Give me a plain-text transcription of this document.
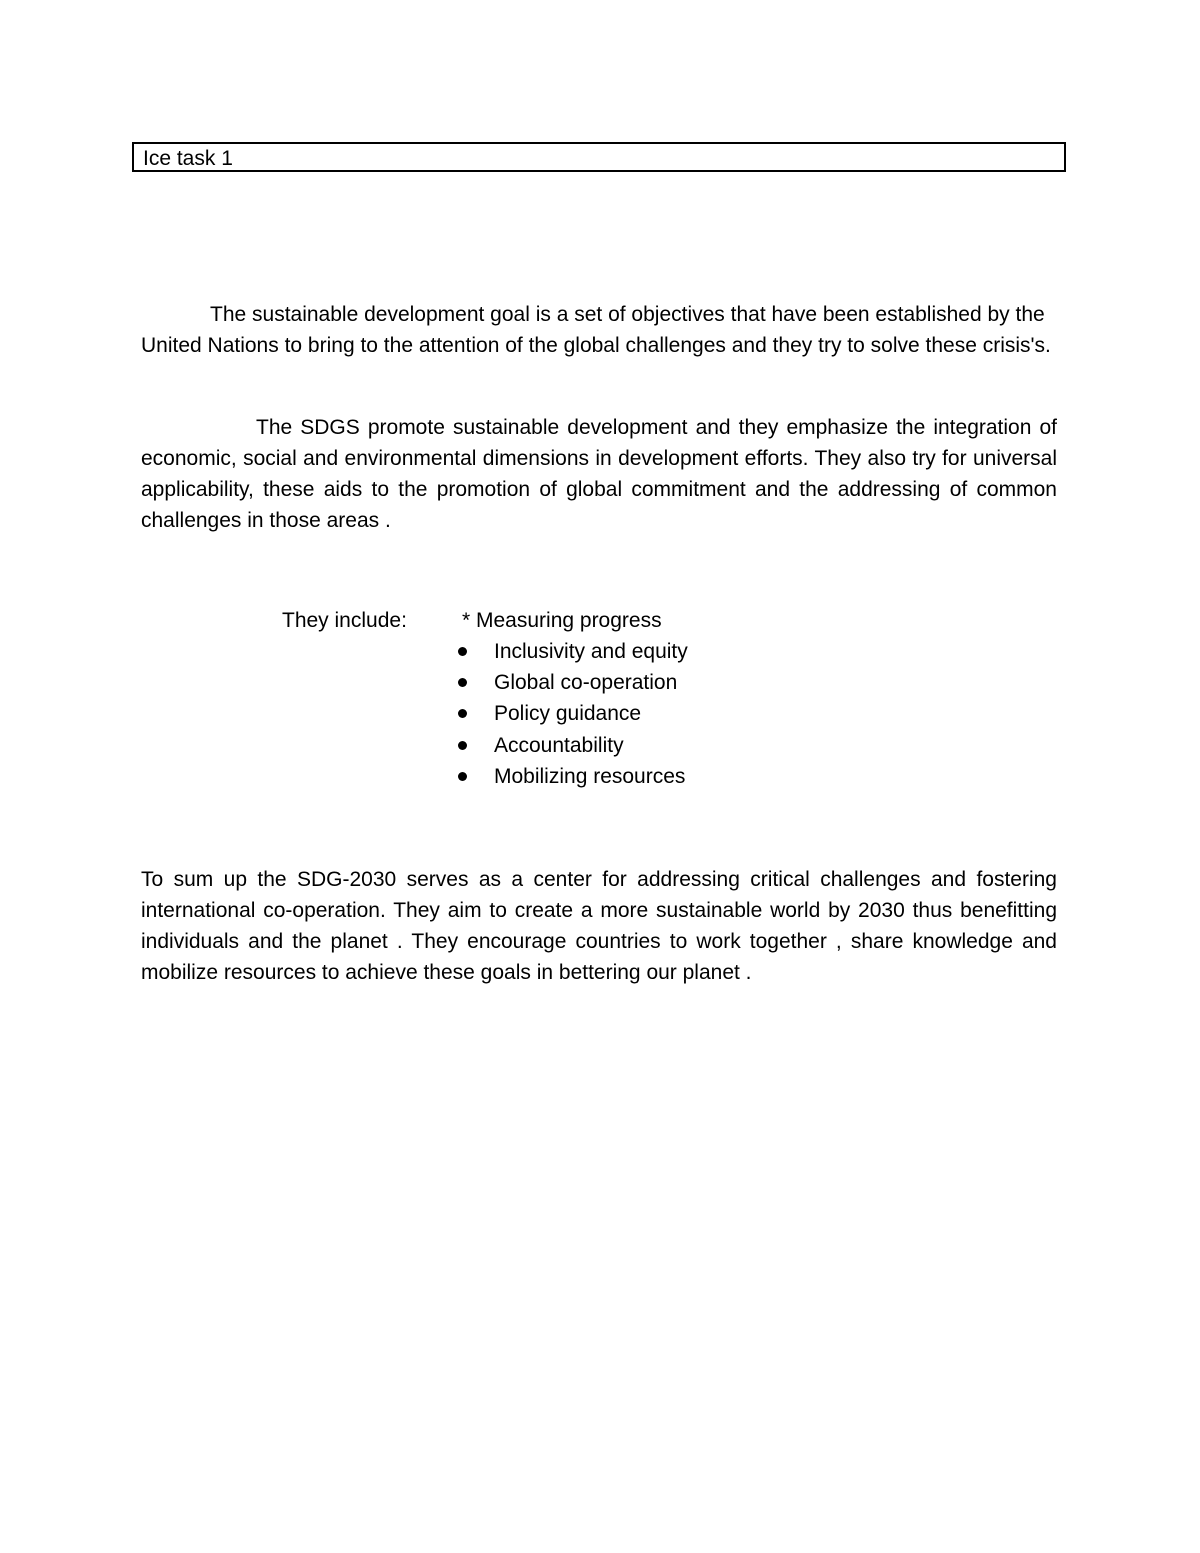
Ice task 1

The sustainable development goal is a set of objectives that have been established by the United Nations to bring to the attention of the global challenges and they try to solve these crisis's.

The SDGS promote sustainable development and they emphasize the integration of economic, social and environmental dimensions in development efforts. They also try for universal applicability, these aids to the promotion of global commitment and the addressing of common challenges in those areas .

They include:	* Measuring progress
Inclusivity and equity
Global co-operation
Policy guidance
Accountability
Mobilizing resources

To sum up the SDG-2030 serves as a center for addressing critical challenges and fostering international co-operation. They aim to create a more sustainable world by 2030 thus benefitting individuals and the planet . They encourage countries to work together , share knowledge and mobilize resources to achieve these goals in bettering our planet .
